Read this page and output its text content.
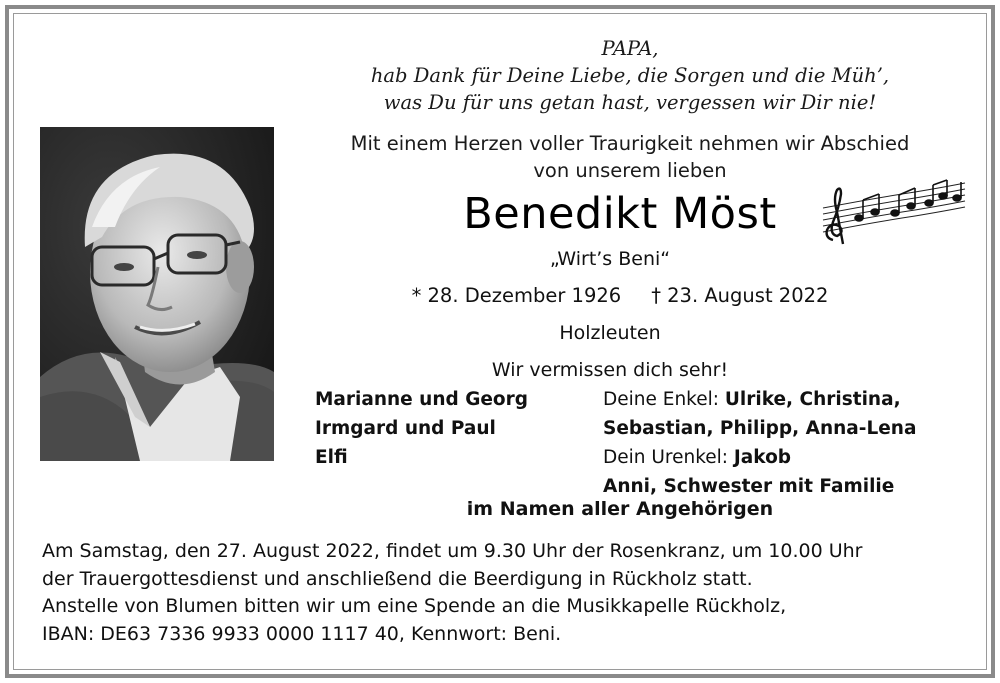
PAPA,
hab Dank für Deine Liebe, die Sorgen und die Müh’,
was Du für uns getan hast, vergessen wir Dir nie!
Mit einem Herzen voller Traurigkeit nehmen wir Abschied
von unserem lieben
Benedikt Möst
„Wirt’s Beni“
* 28. Dezember 1926 † 23. August 2022
Holzleuten
Wir vermissen dich sehr!
Marianne und Georg
Irmgard und Paul
Elfi
Deine Enkel: Ulrike, Christina,
Sebastian, Philipp, Anna-Lena
Dein Urenkel: Jakob
Anni, Schwester mit Familie
im Namen aller Angehörigen
Am Samstag, den 27. August 2022, findet um 9.30 Uhr der Rosenkranz, um 10.00 Uhr
der Trauergottesdienst und anschließend die Beerdigung in Rückholz statt.
Anstelle von Blumen bitten wir um eine Spende an die Musikkapelle Rückholz,
IBAN: DE63 7336 9933 0000 1117 40, Kennwort: Beni.
